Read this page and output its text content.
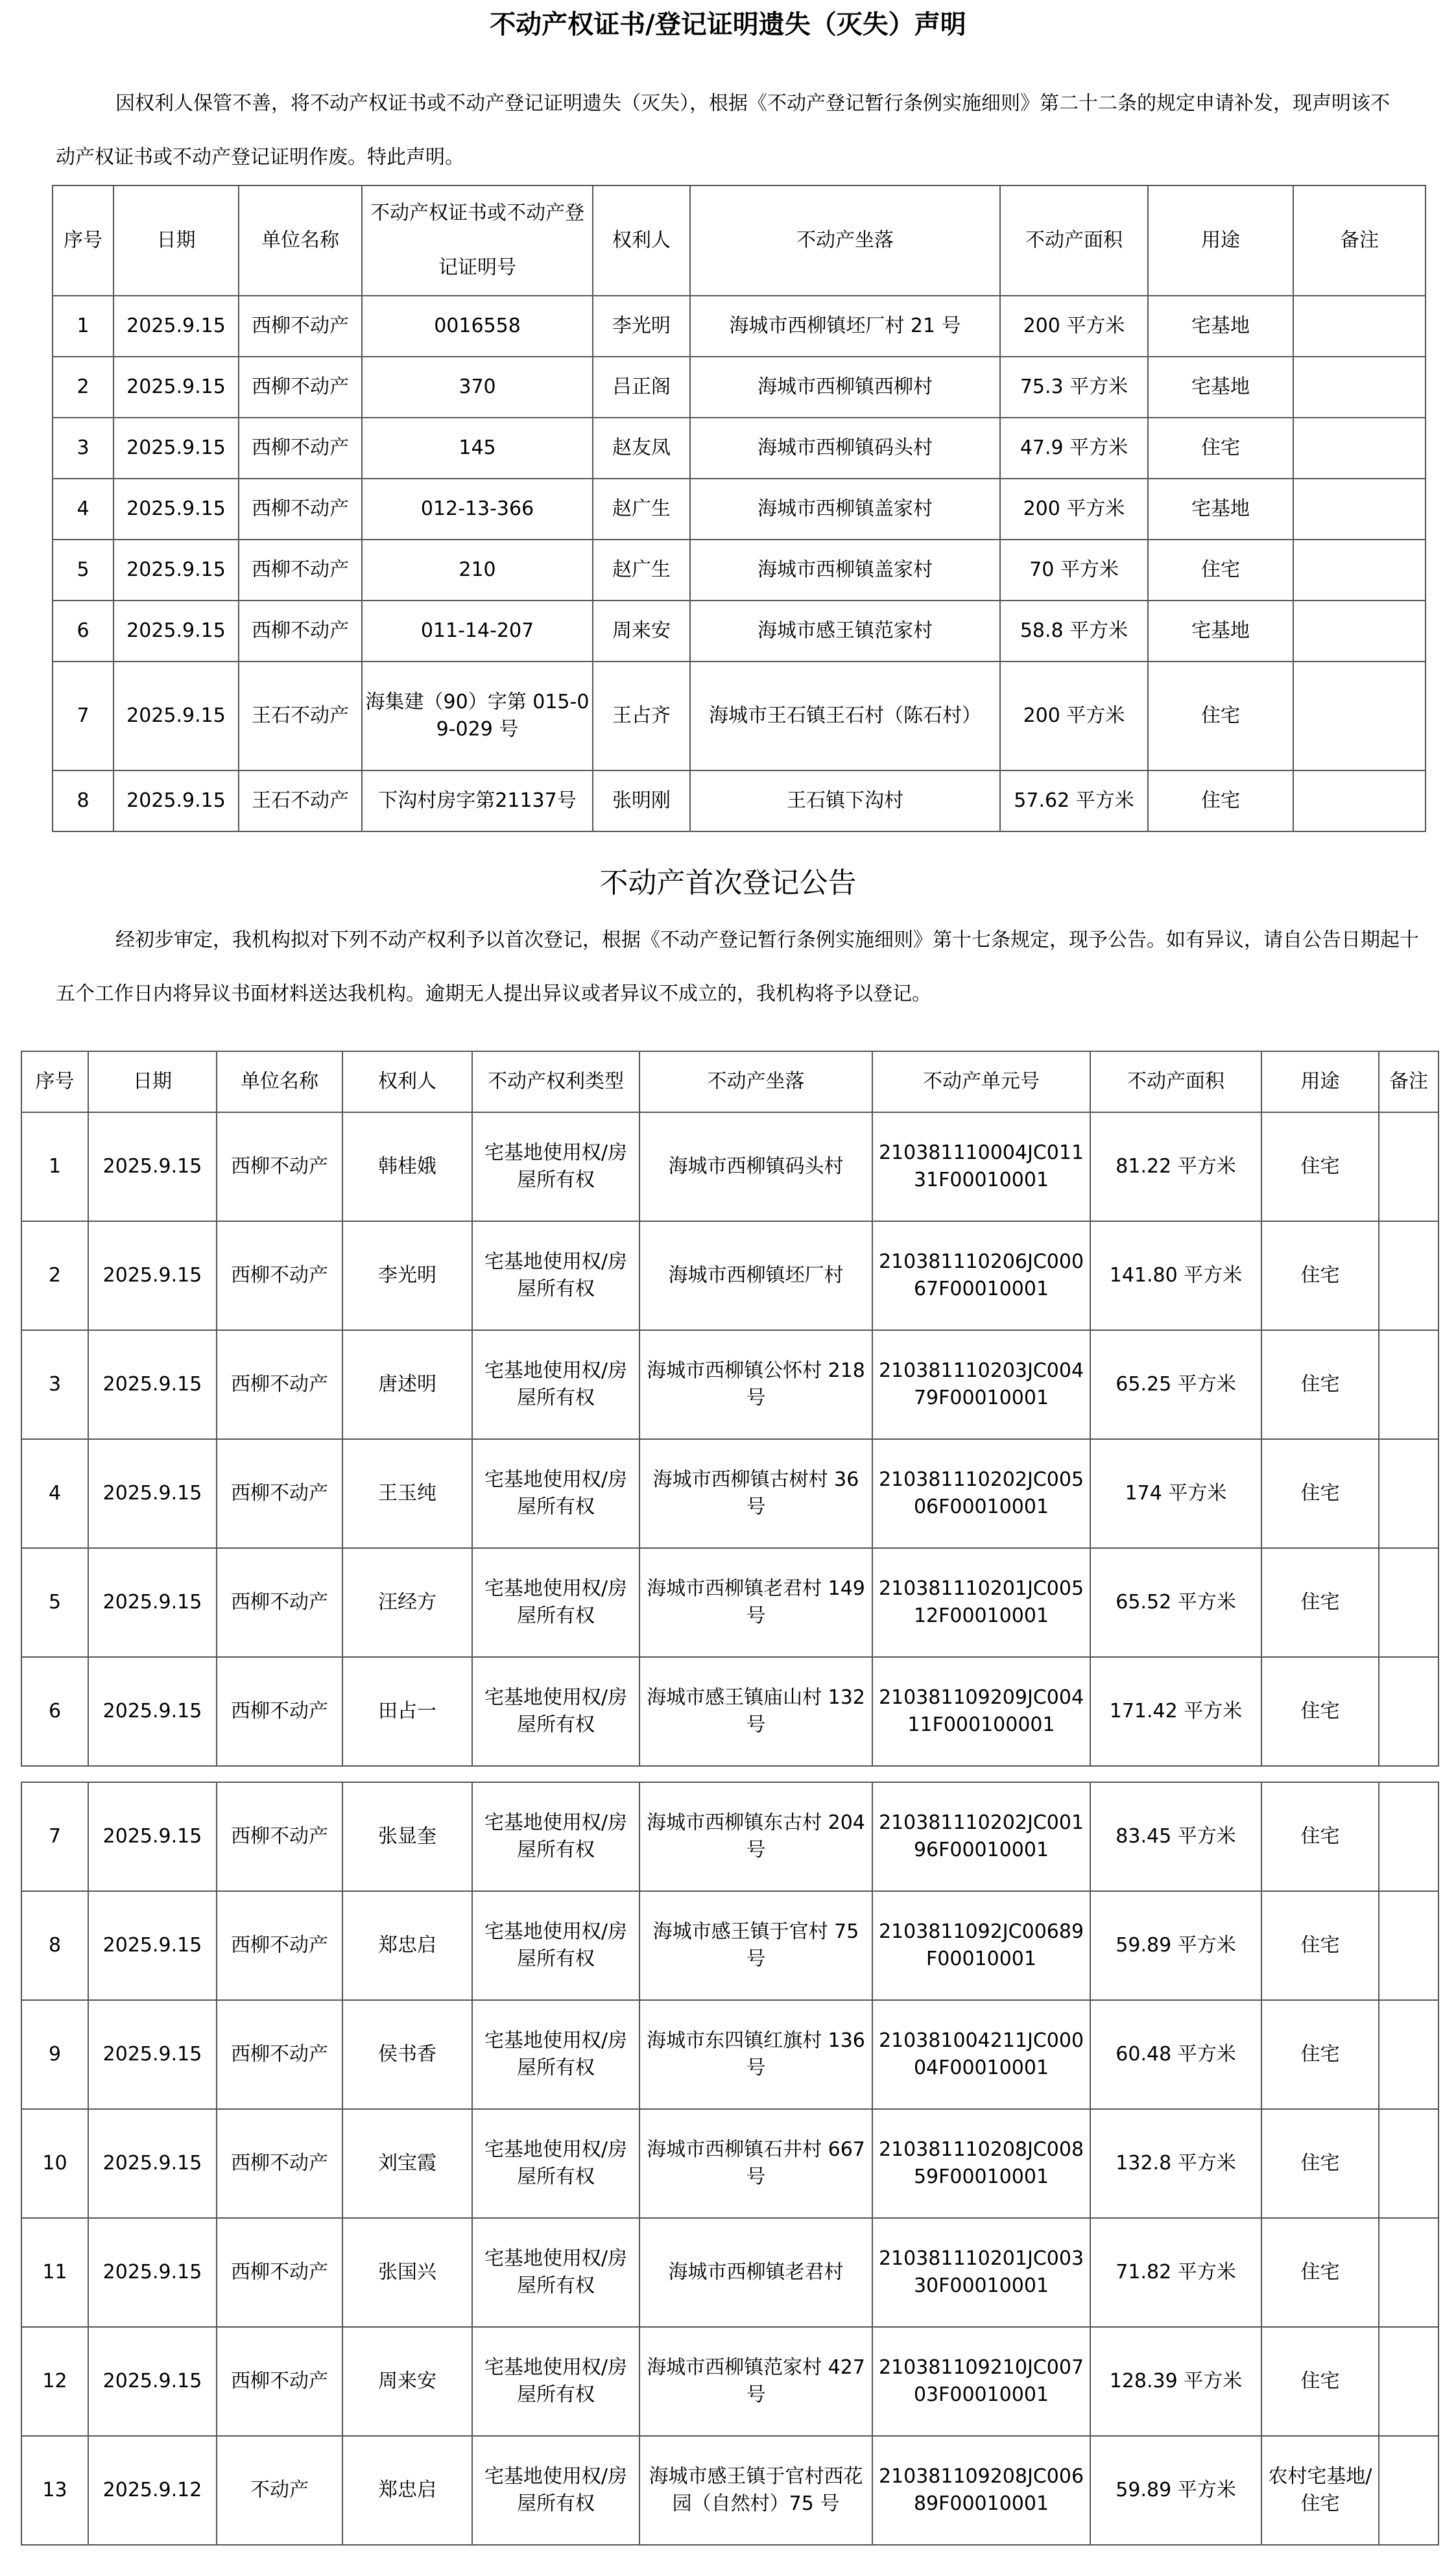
不动产权证书/登记证明遗失（灭失）声明

因权利人保管不善，将不动产权证书或不动产登记证明遗失（灭失），根据《不动产登记暂行条例实施细则》第二十二条的规定申请补发，现声明该不动产权证书或不动产登记证明作废。特此声明。

序号	日期	单位名称	不动产权证书或不动产登记证明号	权利人	不动产坐落	不动产面积	用途	备注
1	2025.9.15	西柳不动产	0016558	李光明	海城市西柳镇坯厂村 21 号	200 平方米	宅基地	
2	2025.9.15	西柳不动产	370	吕正阁	海城市西柳镇西柳村	75.3 平方米	宅基地	
3	2025.9.15	西柳不动产	145	赵友凤	海城市西柳镇码头村	47.9 平方米	住宅	
4	2025.9.15	西柳不动产	012-13-366	赵广生	海城市西柳镇盖家村	200 平方米	宅基地	
5	2025.9.15	西柳不动产	210	赵广生	海城市西柳镇盖家村	70 平方米	住宅	
6	2025.9.15	西柳不动产	011-14-207	周来安	海城市感王镇范家村	58.8 平方米	宅基地	
7	2025.9.15	王石不动产	海集建（90）字第 015-09-029 号	王占齐	海城市王石镇王石村（陈石村）	200 平方米	住宅	
8	2025.9.15	王石不动产	下沟村房字第21137号	张明刚	王石镇下沟村	57.62 平方米	住宅	
不动产首次登记公告

经初步审定，我机构拟对下列不动产权利予以首次登记，根据《不动产登记暂行条例实施细则》第十七条规定，现予公告。如有异议，请自公告日期起十五个工作日内将异议书面材料送达我机构。逾期无人提出异议或者异议不成立的，我机构将予以登记。

序号	日期	单位名称	权利人	不动产权利类型	不动产坐落	不动产单元号	不动产面积	用途	备注
1	2025.9.15	西柳不动产	韩桂娥	宅基地使用权/房屋所有权	海城市西柳镇码头村	210381110004JC01131F00010001	81.22 平方米	住宅	
2	2025.9.15	西柳不动产	李光明	宅基地使用权/房屋所有权	海城市西柳镇坯厂村	210381110206JC00067F00010001	141.80 平方米	住宅	
3	2025.9.15	西柳不动产	唐述明	宅基地使用权/房屋所有权	海城市西柳镇公怀村 218 号	210381110203JC00479F00010001	65.25 平方米	住宅	
4	2025.9.15	西柳不动产	王玉纯	宅基地使用权/房屋所有权	海城市西柳镇古树村 36 号	210381110202JC00506F00010001	174 平方米	住宅	
5	2025.9.15	西柳不动产	汪经方	宅基地使用权/房屋所有权	海城市西柳镇老君村 149 号	210381110201JC00512F00010001	65.52 平方米	住宅	
6	2025.9.15	西柳不动产	田占一	宅基地使用权/房屋所有权	海城市感王镇庙山村 132 号	210381109209JC00411F000100001	171.42 平方米	住宅	
7	2025.9.15	西柳不动产	张显奎	宅基地使用权/房屋所有权	海城市西柳镇东古村 204 号	210381110202JC00196F00010001	83.45 平方米	住宅	
8	2025.9.15	西柳不动产	郑忠启	宅基地使用权/房屋所有权	海城市感王镇于官村 75 号	2103811092JC00689F00010001	59.89 平方米	住宅	
9	2025.9.15	西柳不动产	侯书香	宅基地使用权/房屋所有权	海城市东四镇红旗村 136 号	210381004211JC00004F00010001	60.48 平方米	住宅	
10	2025.9.15	西柳不动产	刘宝霞	宅基地使用权/房屋所有权	海城市西柳镇石井村 667 号	210381110208JC00859F00010001	132.8 平方米	住宅	
11	2025.9.15	西柳不动产	张国兴	宅基地使用权/房屋所有权	海城市西柳镇老君村	210381110201JC00330F00010001	71.82 平方米	住宅	
12	2025.9.15	西柳不动产	周来安	宅基地使用权/房屋所有权	海城市西柳镇范家村 427 号	210381109210JC00703F00010001	128.39 平方米	住宅	
13	2025.9.12	不动产	郑忠启	宅基地使用权/房屋所有权	海城市感王镇于官村西花园（自然村）75 号	210381109208JC00689F00010001	59.89 平方米	农村宅基地/住宅	
